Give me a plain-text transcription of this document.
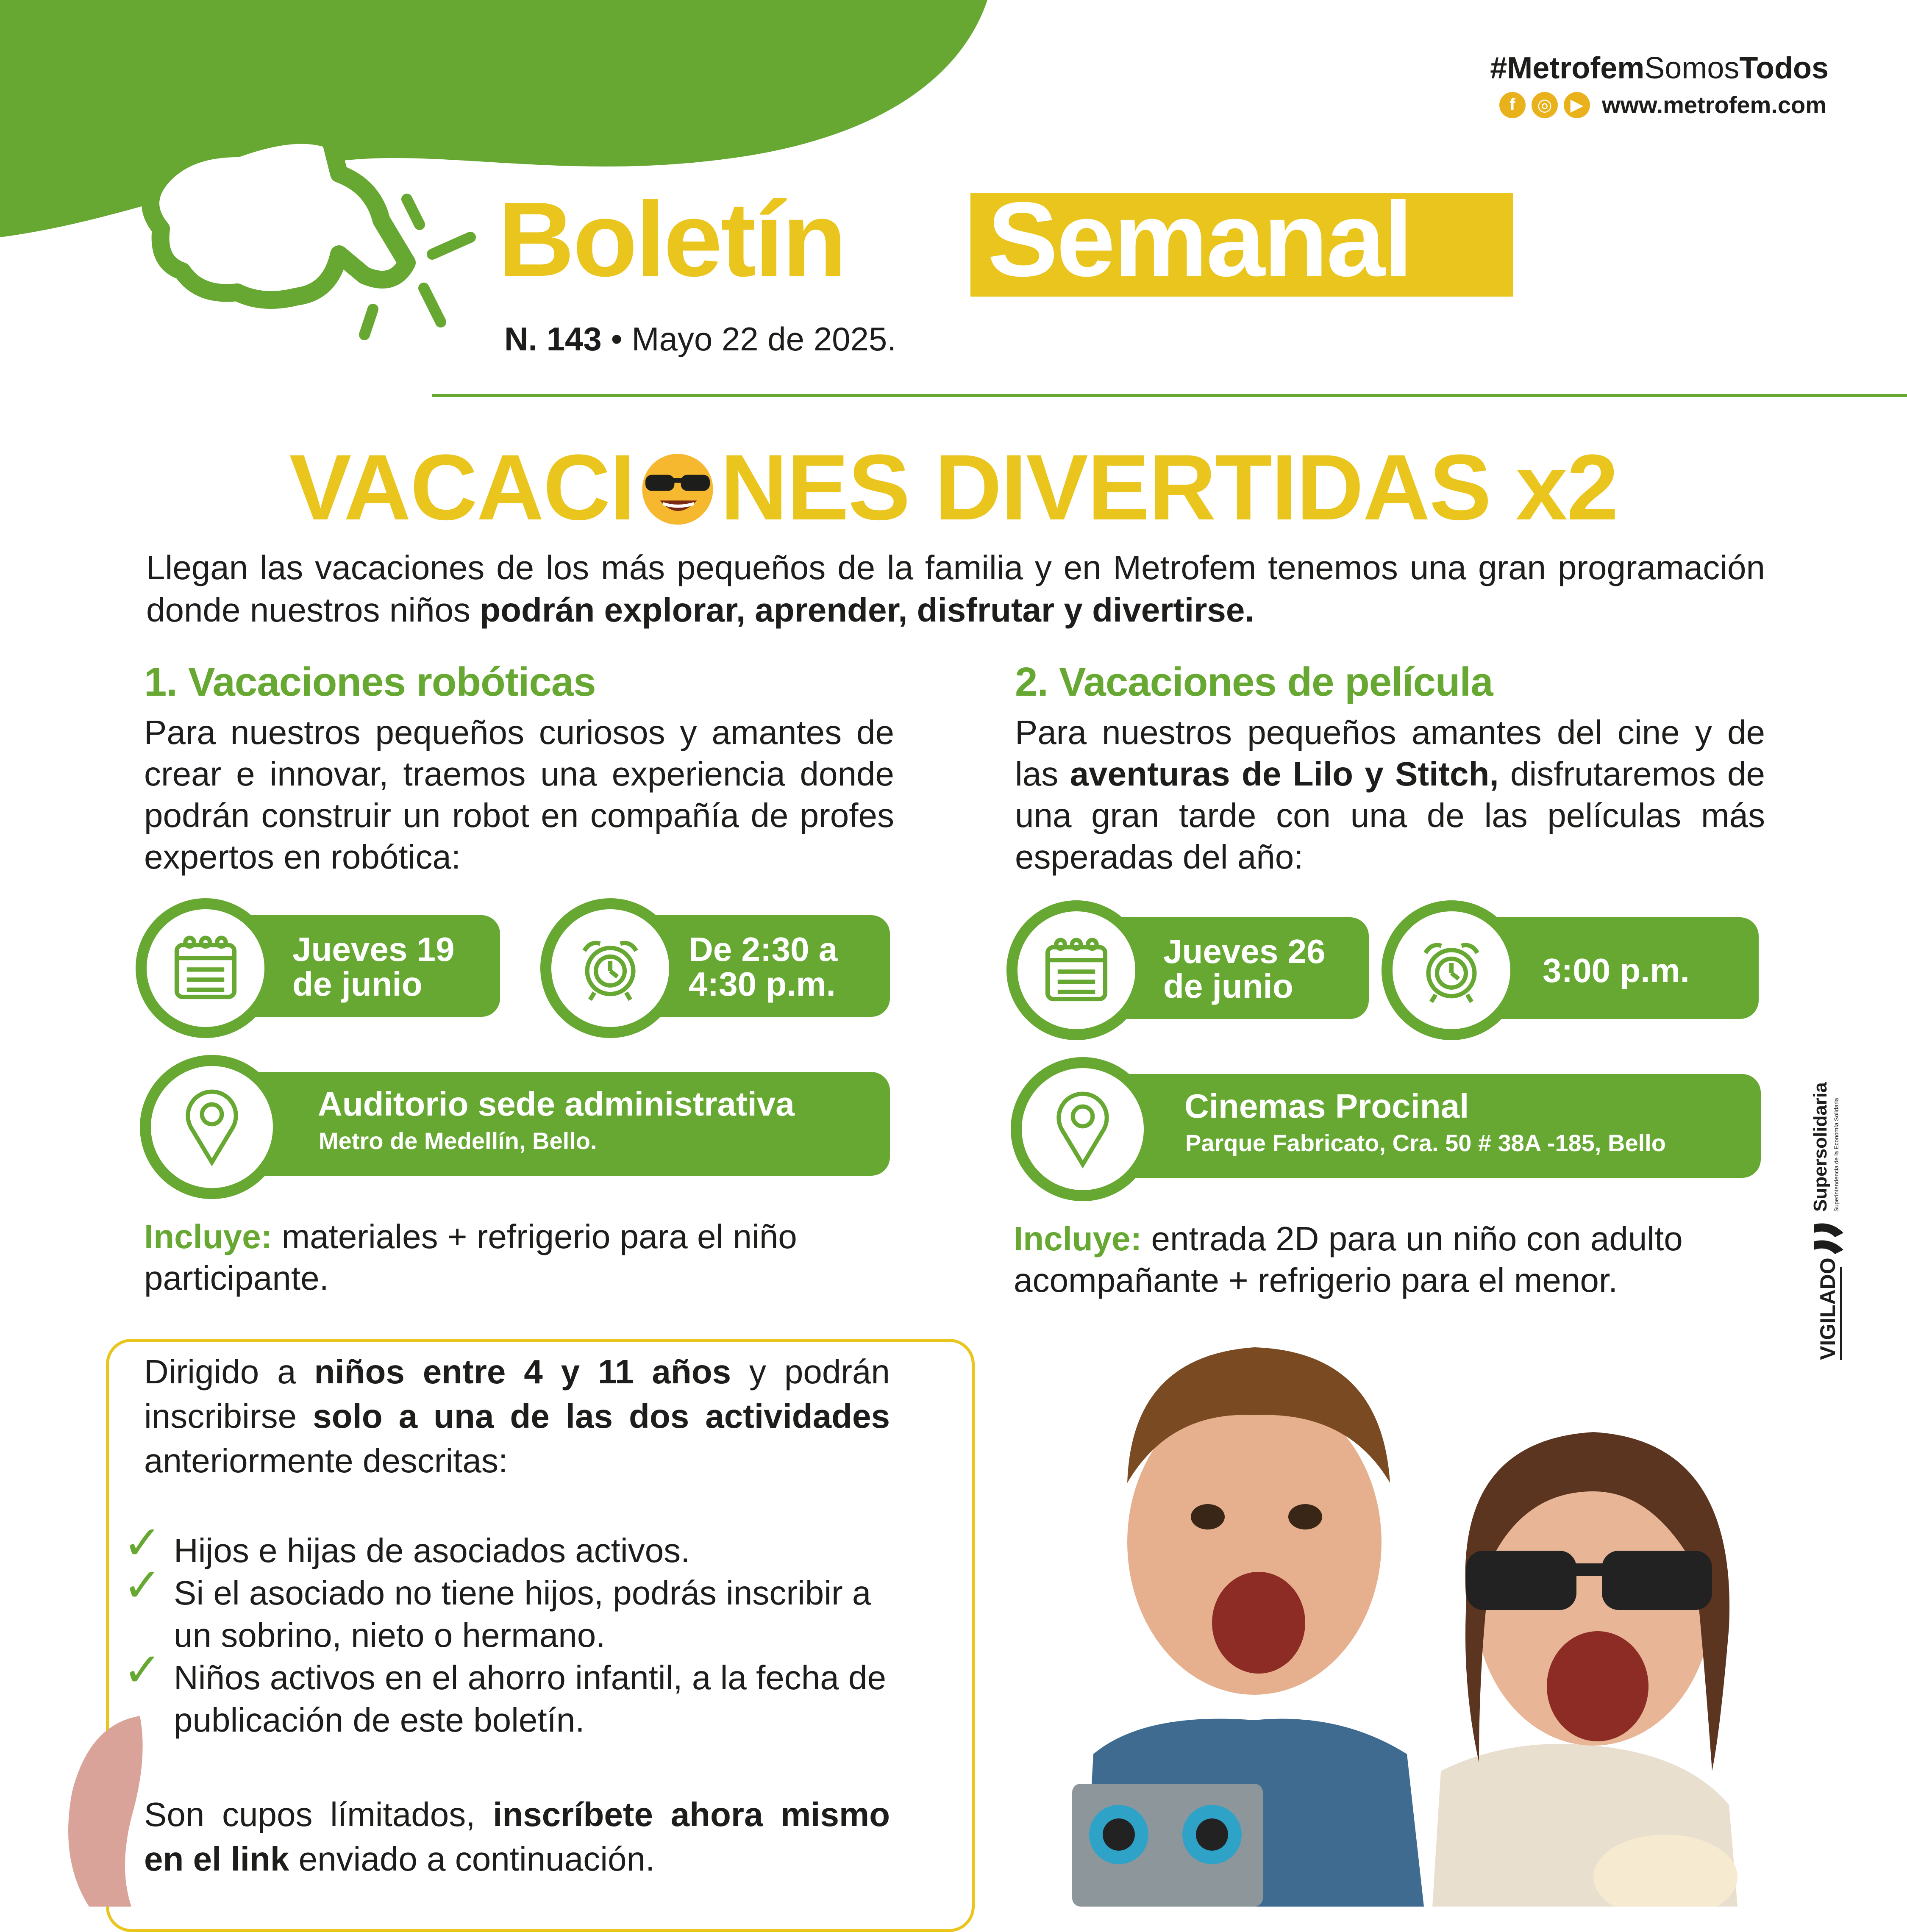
#MetrofemSomosTodos
f	◎	▶ www.metrofem.com
Boletín Semanal
N. 143 • Mayo 22 de 2025.
VACACI NES DIVERTIDAS x2
Llegan las vacaciones de los más pequeños de la familia y en Metrofem tenemos una gran programación donde nuestros niños podrán explorar, aprender, disfrutar y divertirse.
1. Vacaciones robóticas
Para nuestros pequeños curiosos y amantes de crear e innovar, traemos una experiencia donde podrán construir un robot en compañía de profes expertos en robótica:
Jueves 19
de junio
De 2:30 a
4:30 p.m.
Auditorio sede administrativa
Metro de Medellín, Bello.
Incluye: materiales + refrigerio para el niño participante.
2. Vacaciones de película
Para nuestros pequeños amantes del cine y de las aventuras de Lilo y Stitch, disfrutaremos de una gran tarde con una de las películas más esperadas del año:
Jueves 26
de junio	3:00 p.m.
Cinemas Procinal
Parque Fabricato, Cra. 50 # 38A -185, Bello
Incluye: entrada 2D para un niño con adulto acompañante + refrigerio para el menor.
Dirigido a niños entre 4 y 11 años y podrán inscribirse solo a una de las dos actividades anteriormente descritas:
✓ Hijos e hijas de asociados activos.
✓ Si el asociado no tiene hijos, podrás inscribir a un sobrino, nieto o hermano.
✓ Niños activos en el ahorro infantil, a la fecha de publicación de este boletín.
Son cupos límitados, inscríbete ahora mismo en el link enviado a continuación.
Supersolidaria Superintendencia de la Economía Solidaria
VIGILADO
